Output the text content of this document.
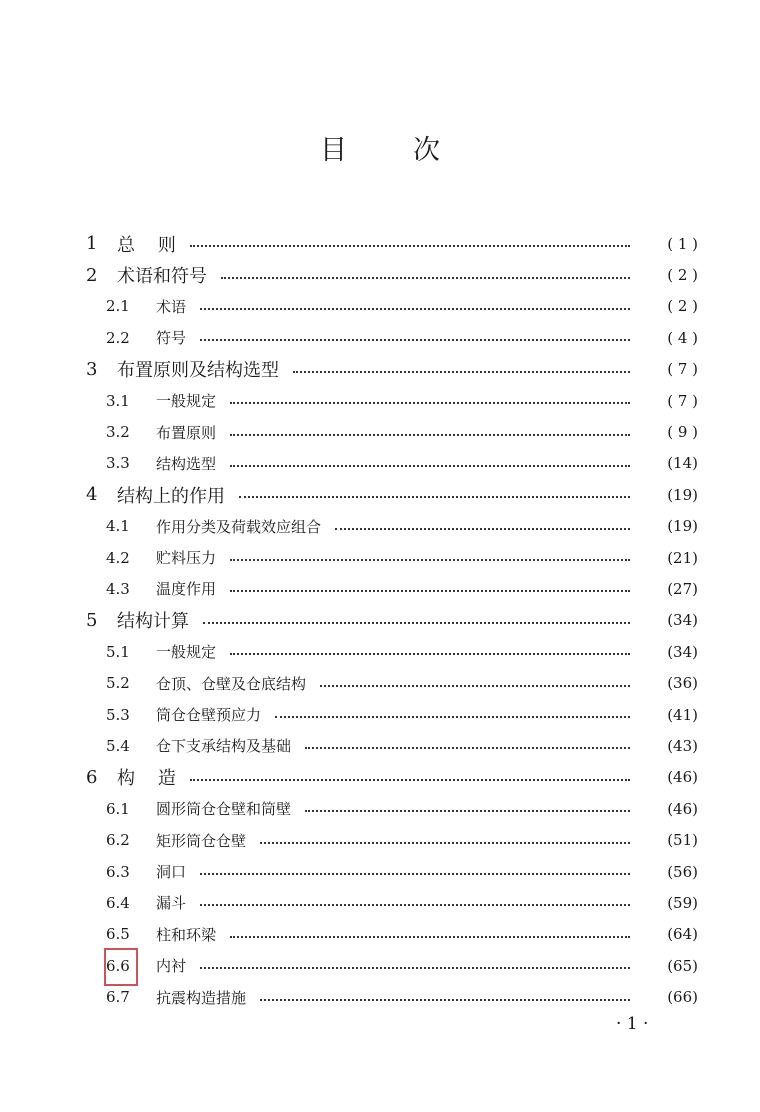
目 次
1	总    则	( 1 )
2	术语和符号	( 2 )
2.1	术语	( 2 )
2.2	符号	( 4 )
3	布置原则及结构选型	( 7 )
3.1	一般规定	( 7 )
3.2	布置原则	( 9 )
3.3	结构选型	(14)
4	结构上的作用	(19)
4.1	作用分类及荷载效应组合	(19)
4.2	贮料压力	(21)
4.3	温度作用	(27)
5	结构计算	(34)
5.1	一般规定	(34)
5.2	仓顶、仓壁及仓底结构	(36)
5.3	筒仓仓壁预应力	(41)
5.4	仓下支承结构及基础	(43)
6	构    造	(46)
6.1	圆形筒仓仓壁和筒壁	(46)
6.2	矩形筒仓仓壁	(51)
6.3	洞口	(56)
6.4	漏斗	(59)
6.5	柱和环梁	(64)
6.6	内衬	(65)
6.7	抗震构造措施	(66)
· 1 ·
